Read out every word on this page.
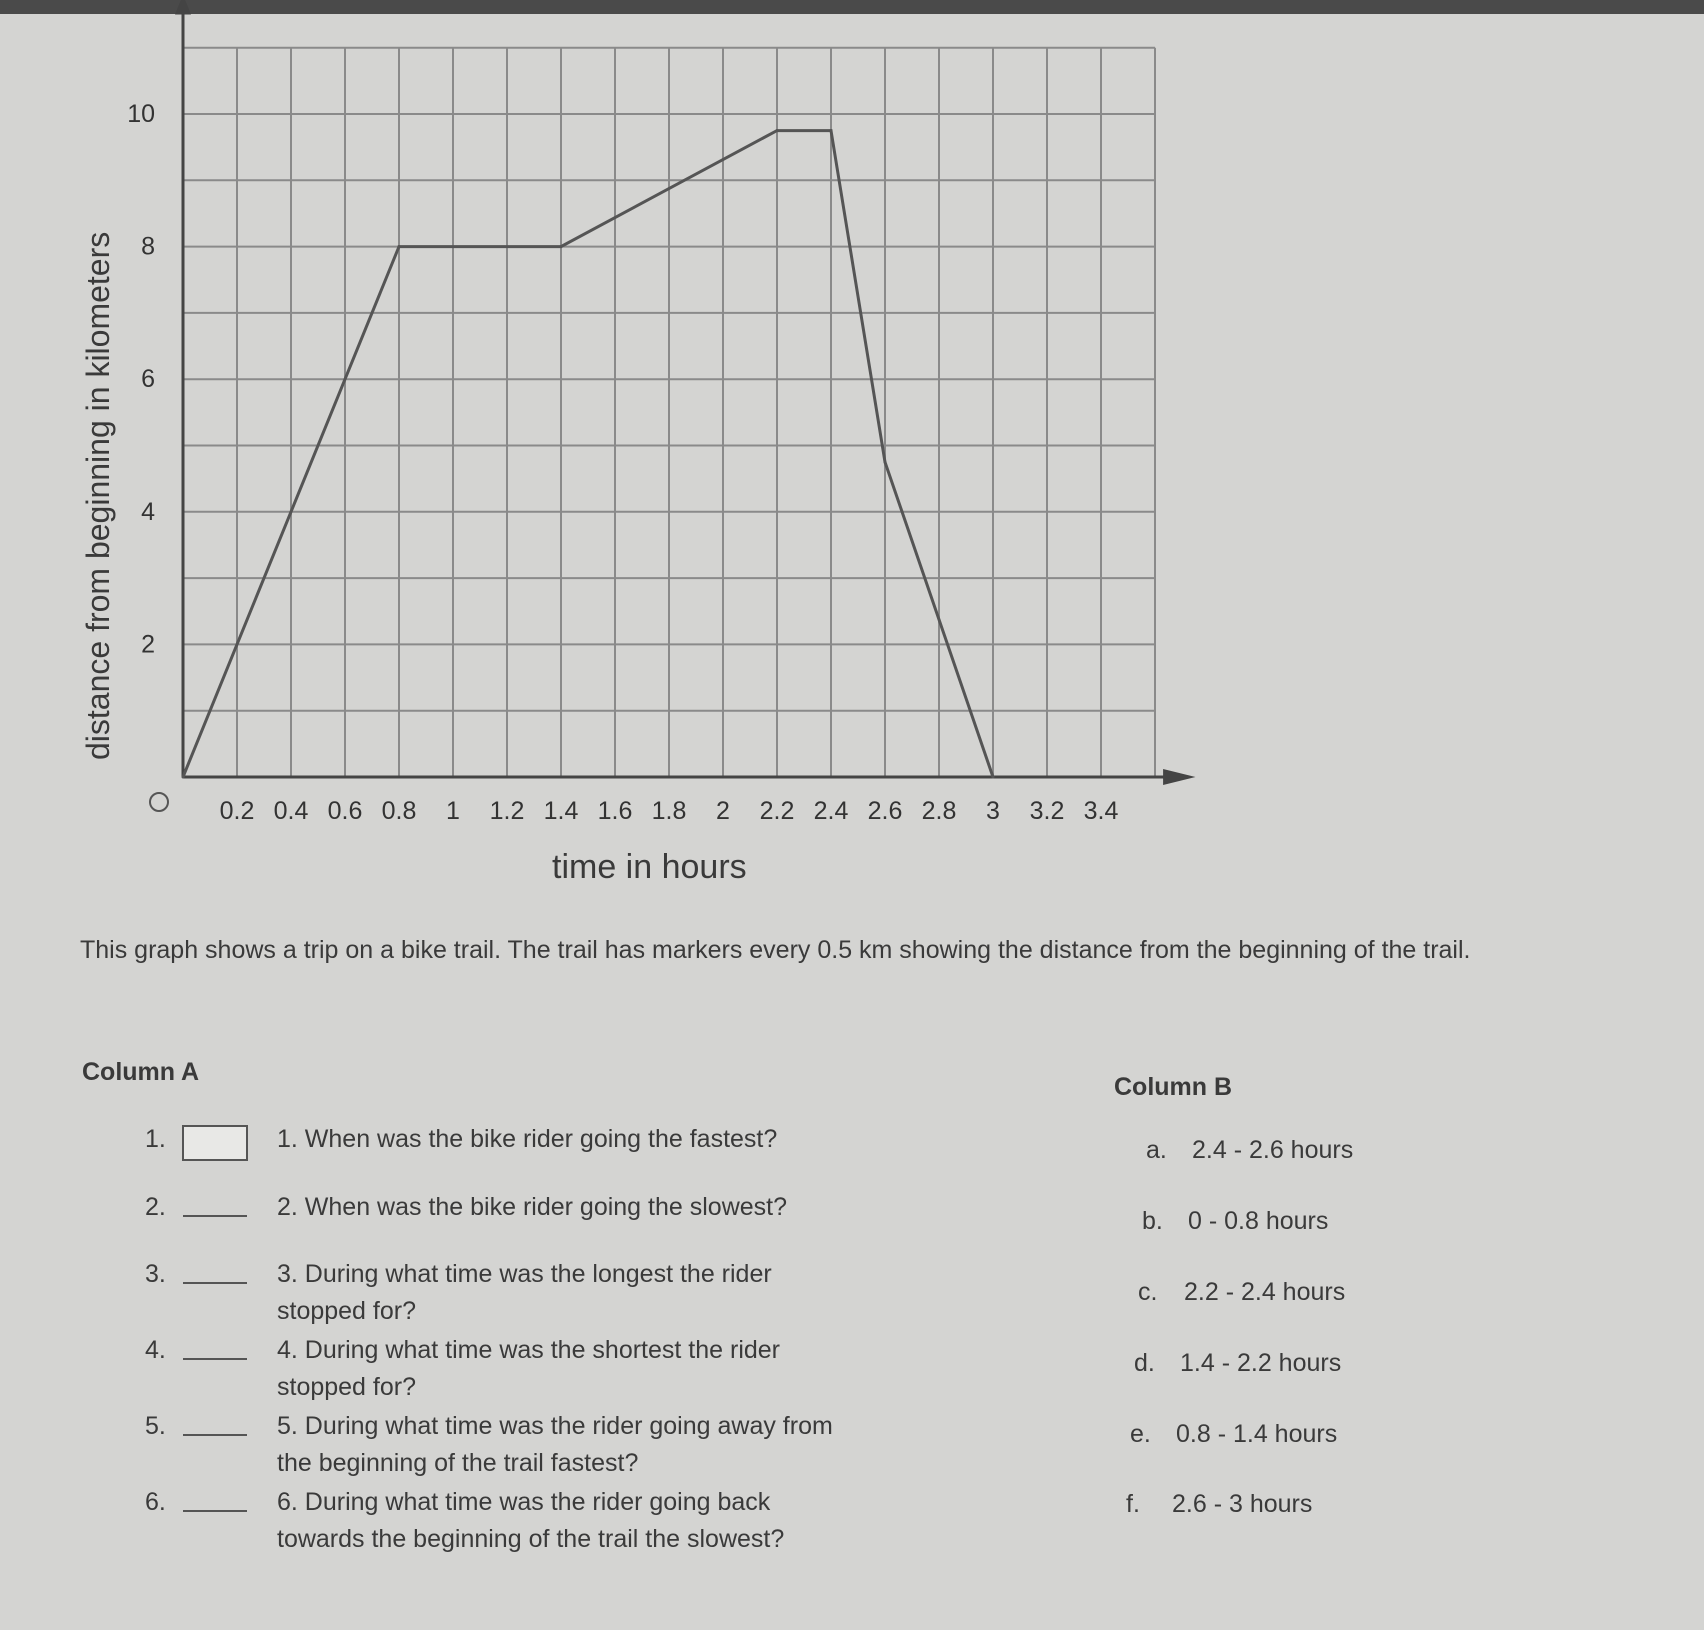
0.2 0.4 0.6 0.8 1 1.2 1.4 1.6 1.8 2 2.2 2.4 2.6 2.8 3 3.2 3.4
2
4
6
8
10
distance from beginning in kilometers
time in hours
This graph shows a trip on a bike trail. The trail has markers every 0.5 km showing the distance from the beginning of the trail.
Column A
Column B
1.	1. When was the bike rider going the fastest?
2.	2. When was the bike rider going the slowest?
3.	3. During what time was the longest the rider
stopped for?
4.	4. During what time was the shortest the rider
stopped for?
5.	5. During what time was the rider going away from
the beginning of the trail fastest?
6.	6. During what time was the rider going back
towards the beginning of the trail the slowest?
a. 2.4 - 2.6 hours
b. 0 - 0.8 hours
c. 2.2 - 2.4 hours
d. 1.4 - 2.2 hours
e. 0.8 - 1.4 hours
f. 2.6 - 3 hours
